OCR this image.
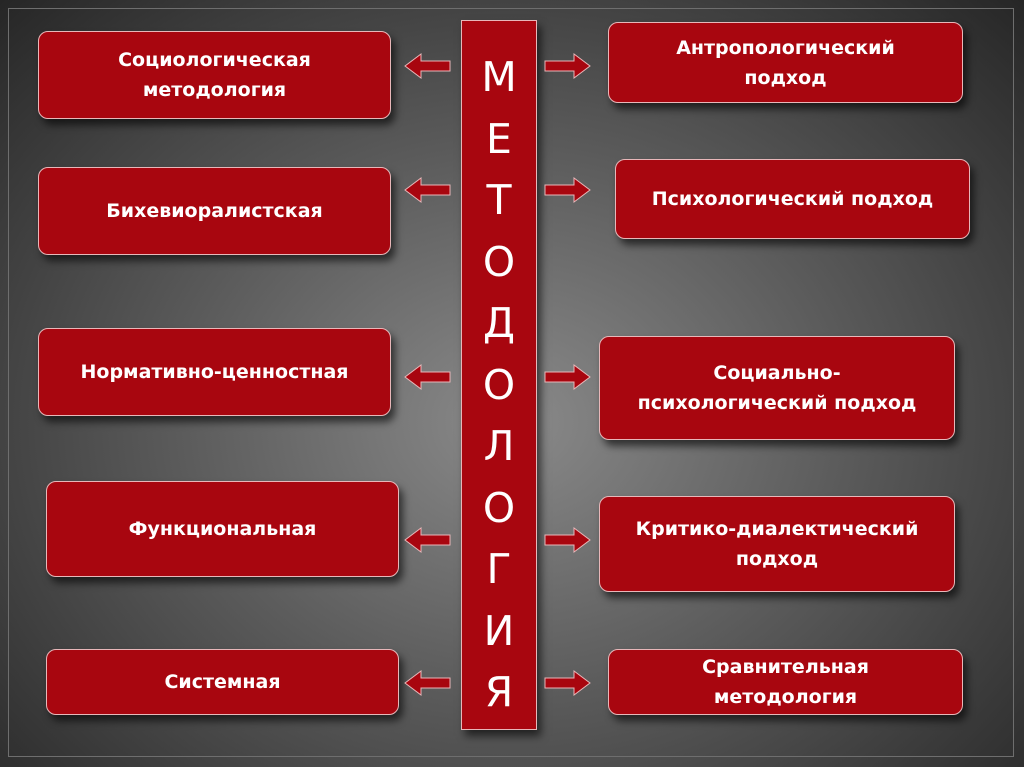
Социологическая
методология
Бихевиоралистская
Нормативно-ценностная
Функциональная
Системная
Антропологический
подход
Психологический подход
Социально-
психологический подход
Критико-диалектический
подход
Сравнительная
методология
М
Е
Т
О
Д
О
Л
О
Г
И
Я
